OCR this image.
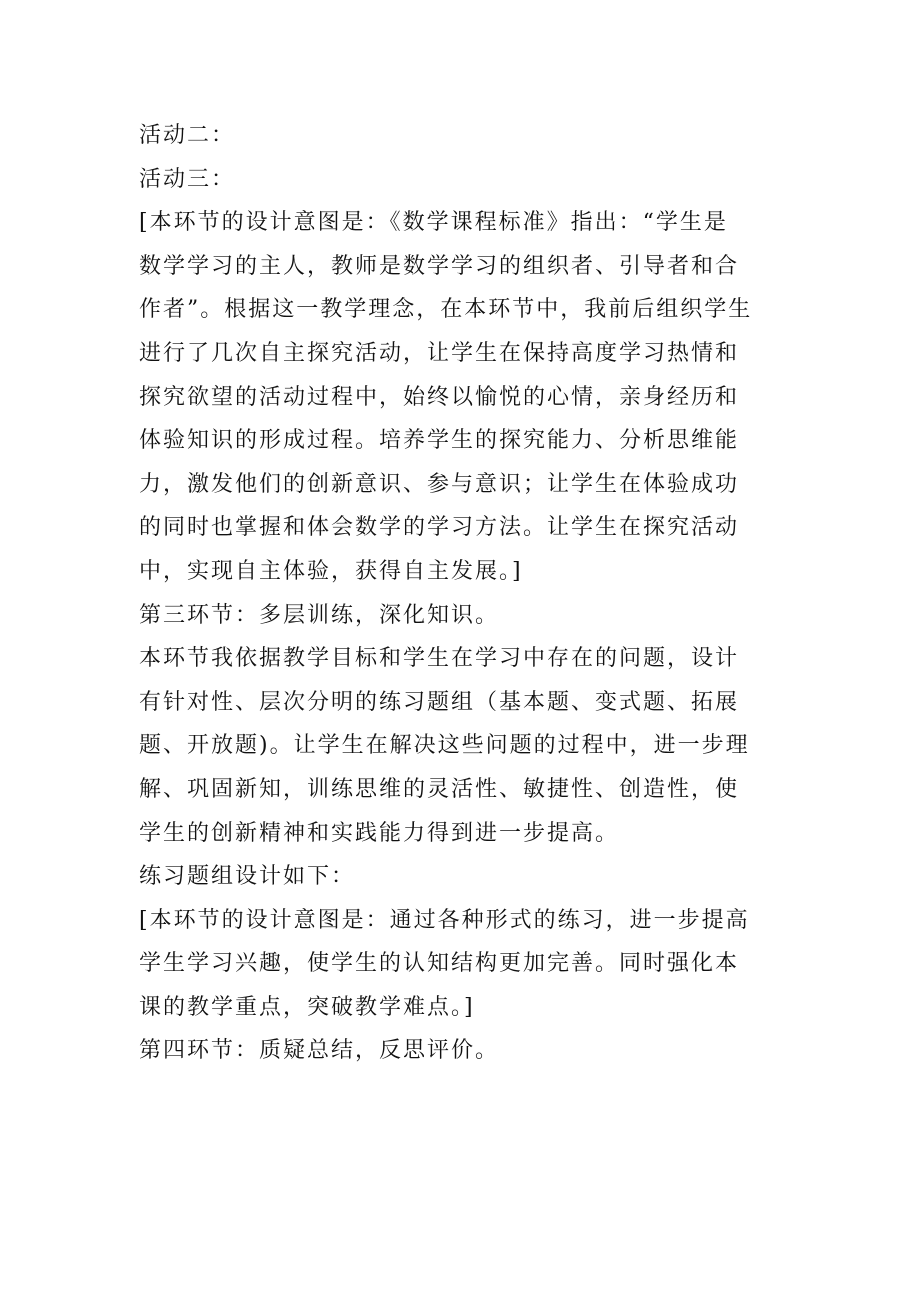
活动二：
活动三：
[本环节的设计意图是：《数学课程标准》指出：“学生是
数学学习的主人，教师是数学学习的组织者、引导者和合
作者”。根据这一教学理念，在本环节中，我前后组织学生
进行了几次自主探究活动，让学生在保持高度学习热情和
探究欲望的活动过程中，始终以愉悦的心情，亲身经历和
体验知识的形成过程。培养学生的探究能力、分析思维能
力，激发他们的创新意识、参与意识；让学生在体验成功
的同时也掌握和体会数学的学习方法。让学生在探究活动
中，实现自主体验，获得自主发展。]
第三环节：多层训练，深化知识。
本环节我依据教学目标和学生在学习中存在的问题，设计
有针对性、层次分明的练习题组（基本题、变式题、拓展
题、开放题)。让学生在解决这些问题的过程中，进一步理
解、巩固新知，训练思维的灵活性、敏捷性、创造性，使
学生的创新精神和实践能力得到进一步提高。
练习题组设计如下：
[本环节的设计意图是：通过各种形式的练习，进一步提高
学生学习兴趣，使学生的认知结构更加完善。同时强化本
课的教学重点，突破教学难点。]
第四环节：质疑总结，反思评价。
